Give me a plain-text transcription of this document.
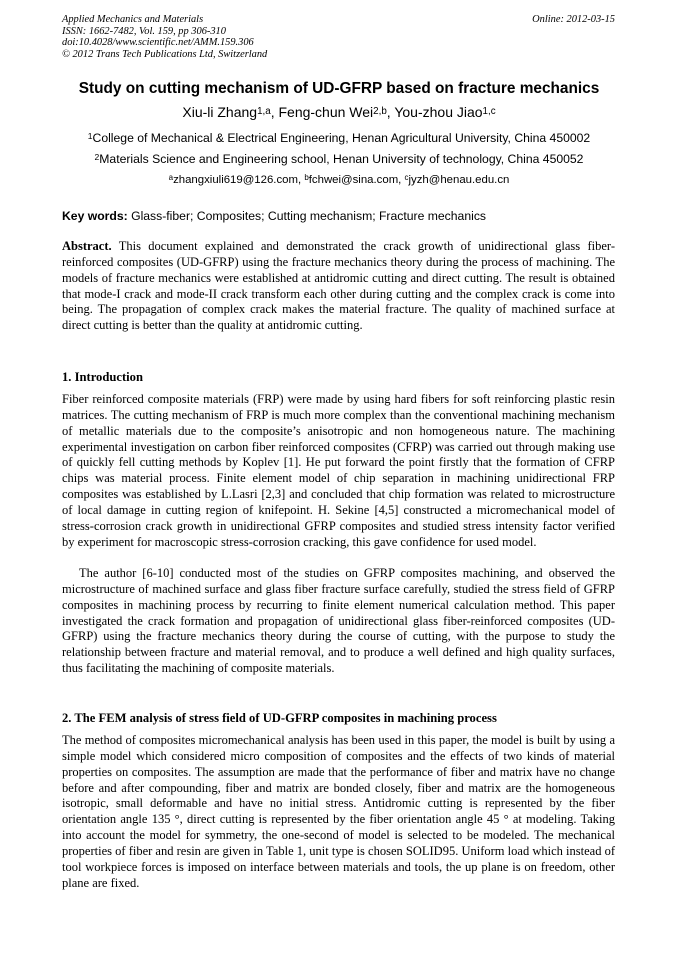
Applied Mechanics and Materials
ISSN: 1662-7482, Vol. 159, pp 306-310
doi:10.4028/www.scientific.net/AMM.159.306
© 2012 Trans Tech Publications Ltd, Switzerland
Online: 2012-03-15
Study on cutting mechanism of UD-GFRP based on fracture mechanics
Xiu-li Zhang$^{1,a}$, Feng-chun Wei$^{2,b}$, You-zhou Jiao$^{1,c}$
$^1$College of Mechanical & Electrical Engineering, Henan Agricultural University, China 450002
$^2$Materials Science and Engineering school, Henan University of technology, China 450052
$^a$zhangxiuli619@126.com, $^b$fchwei@sina.com, $^c$jyzh@henau.edu.cn
Key words: Glass-fiber; Composites; Cutting mechanism; Fracture mechanics

Abstract. This document explained and demonstrated the crack growth of unidirectional glass fiber-reinforced composites (UD-GFRP) using the fracture mechanics theory during the process of machining. The models of fracture mechanics were established at antidromic cutting and direct cutting. The result is obtained that mode-I crack and mode-II crack transform each other during cutting and the complex crack is come into being. The propagation of complex crack makes the material fracture. The quality of machined surface at direct cutting is better than the quality at antidromic cutting.

1. Introduction

Fiber reinforced composite materials (FRP) were made by using hard fibers for soft reinforcing plastic resin matrices. The cutting mechanism of FRP is much more complex than the conventional machining mechanism of metallic materials due to the composite’s anisotropic and non homogeneous nature. The machining experimental investigation on carbon fiber reinforced composites (CFRP) was carried out through making use of quickly fell cutting methods by Koplev [1]. He put forward the point firstly that the formation of CFRP chips was material process. Finite element model of chip separation in machining unidirectional FRP composites was established by L.Lasri [2,3] and concluded that chip formation was related to microstructure of local damage in cutting region of knifepoint. H. Sekine [4,5] constructed a micromechanical model of stress-corrosion crack growth in unidirectional GFRP composites and studied stress intensity factor verified by experiment for macroscopic stress-corrosion cracking, this gave confidence for used model.

The author [6-10] conducted most of the studies on GFRP composites machining, and observed the microstructure of machined surface and glass fiber fracture surface carefully, studied the stress field of GFRP composites in machining process by recurring to finite element numerical calculation method. This paper investigated the crack formation and propagation of unidirectional glass fiber-reinforced composites (UD-GFRP) using the fracture mechanics theory during the course of cutting, with the purpose to study the relationship between fracture and material removal, and to produce a well defined and high quality surfaces, thus facilitating the machining of composite materials.

2. The FEM analysis of stress field of UD-GFRP composites in machining process

The method of composites micromechanical analysis has been used in this paper, the model is built by using a simple model which considered micro composition of composites and the effects of two kinds of material properties on composites. The assumption are made that the performance of fiber and matrix have no change before and after compounding, fiber and matrix are bonded closely, fiber and matrix are the homogeneous isotropic, small deformable and have no initial stress. Antidromic cutting is represented by the fiber orientation angle 135 °, direct cutting is represented by the fiber orientation angle 45 ° at modeling. Taking into account the model for symmetry, the one-second of model is selected to be modeled. The mechanical properties of fiber and resin are given in Table 1, unit type is chosen SOLID95. Uniform load which instead of tool workpiece forces is imposed on interface between materials and tools, the up plane is on freedom, other plane are fixed.
